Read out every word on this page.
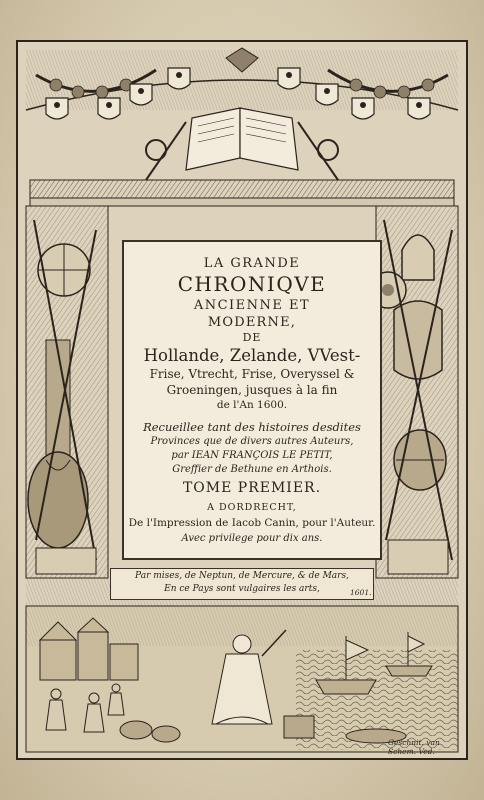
LA GRANDE
CHRONIQVE
ANCIENNE ET
MODERNE,
DE
Hollande, Zelande, VVest-
Frise, Vtrecht, Frise, Overyssel &
Groeningen, jusques à la fin
de l'An 1600.
Recueillee tant des histoires desdites
Provinces que de divers autres Auteurs,
par IEAN FRANÇOIS LE PETIT,
Greffier de Bethune en Arthois.
TOME PREMIER.
A DORDRECHT,
De l'Impression de Iacob Canin, pour l'Auteur.
Avec privilege pour dix ans.
Par mises, de Neptun, de Mercure, & de Mars,
En ce Pays sont vulgaires les arts,	1601.
Geschnit. van Schem. Ved.
